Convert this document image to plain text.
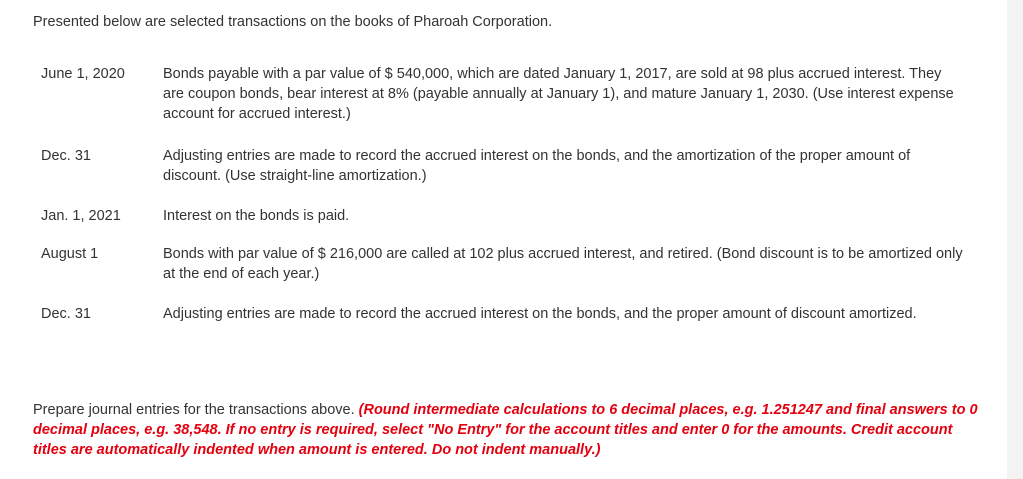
Presented below are selected transactions on the books of Pharoah Corporation.
June 1, 2020	Bonds payable with a par value of $ 540,000, which are dated January 1, 2017, are sold at 98 plus accrued interest. They are coupon bonds, bear interest at 8% (payable annually at January 1), and mature January 1, 2030. (Use interest expense account for accrued interest.)
Dec. 31	Adjusting entries are made to record the accrued interest on the bonds, and the amortization of the proper amount of discount. (Use straight-line amortization.)
Jan. 1, 2021	Interest on the bonds is paid.
August 1	Bonds with par value of $ 216,000 are called at 102 plus accrued interest, and retired. (Bond discount is to be amortized only at the end of each year.)
Dec. 31	Adjusting entries are made to record the accrued interest on the bonds, and the proper amount of discount amortized.
Prepare journal entries for the transactions above. (Round intermediate calculations to 6 decimal places, e.g. 1.251247 and final answers to 0 decimal places, e.g. 38,548. If no entry is required, select "No Entry" for the account titles and enter 0 for the amounts. Credit account titles are automatically indented when amount is entered. Do not indent manually.)
